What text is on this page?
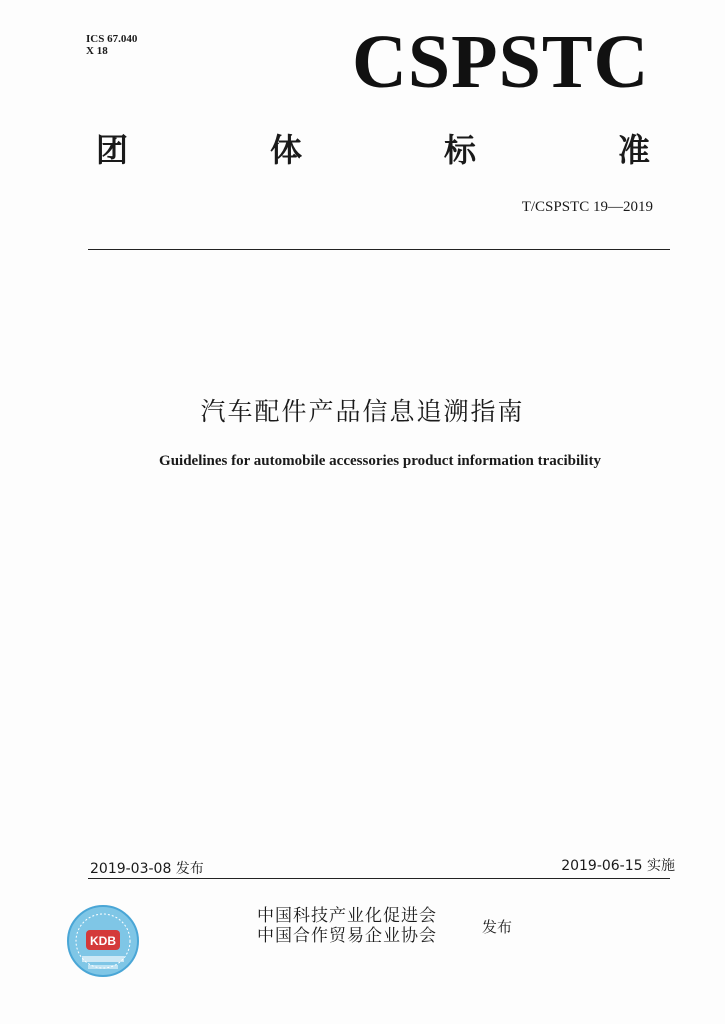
ICS 67.040
X 18	CSPSTC
团	体	标	准
T/CSPSTC 19—2019
汽车配件产品信息追溯指南
Guidelines for automobile accessories product information tracibility
2019-03-08 发布	2019-06-15 实施
KDB
中国科技产业化促进会
中国合作贸易企业协会	发布
